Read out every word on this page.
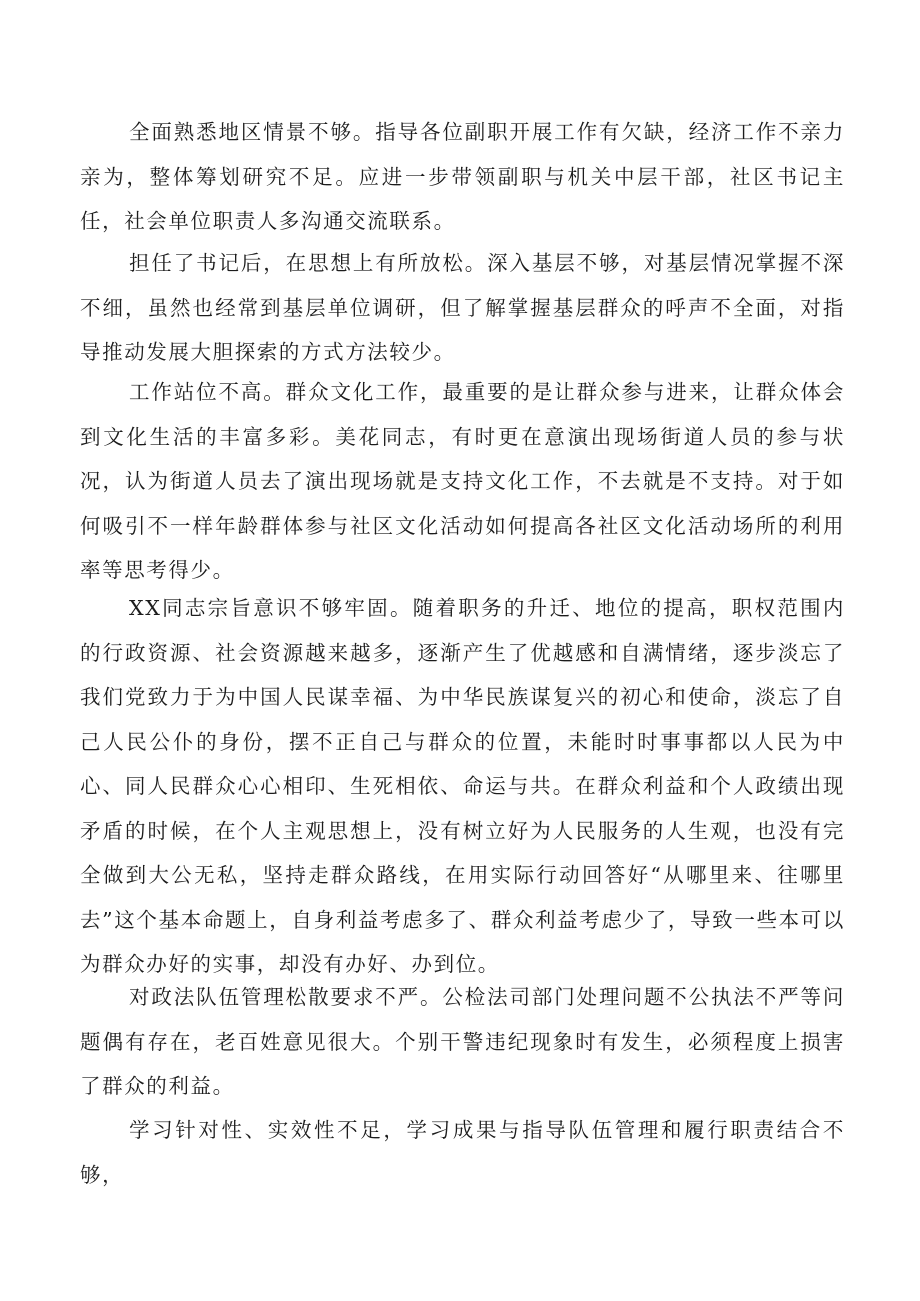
全面熟悉地区情景不够。指导各位副职开展工作有欠缺，经济工作不亲力亲为，整体筹划研究不足。应进一步带领副职与机关中层干部，社区书记主任，社会单位职责人多沟通交流联系。

担任了书记后，在思想上有所放松。深入基层不够，对基层情况掌握不深不细，虽然也经常到基层单位调研，但了解掌握基层群众的呼声不全面，对指导推动发展大胆探索的方式方法较少。

工作站位不高。群众文化工作，最重要的是让群众参与进来，让群众体会到文化生活的丰富多彩。美花同志，有时更在意演出现场街道人员的参与状况，认为街道人员去了演出现场就是支持文化工作，不去就是不支持。对于如何吸引不一样年龄群体参与社区文化活动如何提高各社区文化活动场所的利用率等思考得少。

XX同志宗旨意识不够牢固。随着职务的升迁、地位的提高，职权范围内的行政资源、社会资源越来越多，逐渐产生了优越感和自满情绪，逐步淡忘了我们党致力于为中国人民谋幸福、为中华民族谋复兴的初心和使命，淡忘了自己人民公仆的身份，摆不正自己与群众的位置，未能时时事事都以人民为中心、同人民群众心心相印、生死相依、命运与共。在群众利益和个人政绩出现矛盾的时候，在个人主观思想上，没有树立好为人民服务的人生观，也没有完全做到大公无私，坚持走群众路线，在用实际行动回答好“从哪里来、往哪里去”这个基本命题上，自身利益考虑多了、群众利益考虑少了，导致一些本可以为群众办好的实事，却没有办好、办到位。

对政法队伍管理松散要求不严。公检法司部门处理问题不公执法不严等问题偶有存在，老百姓意见很大。个别干警违纪现象时有发生，必须程度上损害了群众的利益。

学习针对性、实效性不足，学习成果与指导队伍管理和履行职责结合不够，
